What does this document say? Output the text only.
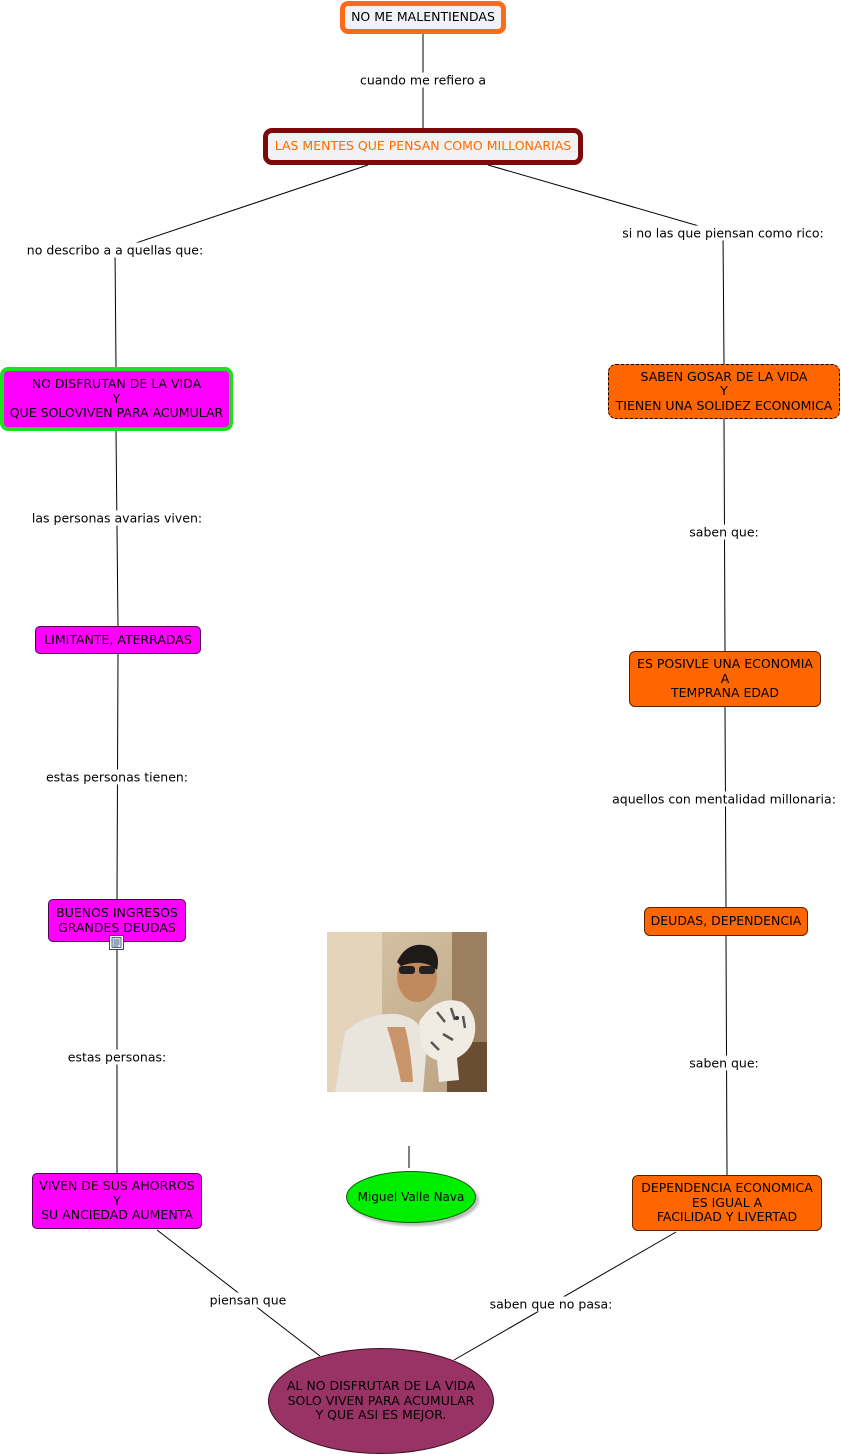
cuando me refiero a
no describo a a quellas que:
si no las que piensan como rico:
las personas avarias viven:
estas personas tienen:
estas personas:
piensan que
saben que:
aquellos con mentalidad millonaria:
saben que:
saben que no pasa:
NO ME MALENTIENDAS
LAS MENTES QUE PENSAN COMO MILLONARIAS
NO DISFRUTAN DE LA VIDA
Y
QUE SOLOVIVEN PARA ACUMULAR
SABEN GOSAR DE LA VIDA
Y
TIENEN UNA SOLIDEZ ECONOMICA
LIMITANTE, ATERRADAS
BUENOS INGRESOS
GRANDES DEUDAS
VIVEN DE SUS AHORROS
Y
SU ANCIEDAD AUMENTA
ES POSIVLE UNA ECONOMIA
A
TEMPRANA EDAD
DEUDAS, DEPENDENCIA
DEPENDENCIA ECONOMICA
ES IGUAL A
FACILIDAD Y LIVERTAD
AL NO DISFRUTAR DE LA VIDA
SOLO VIVEN PARA ACUMULAR
Y QUE ASI ES MEJOR.
Miguel Valle Nava
